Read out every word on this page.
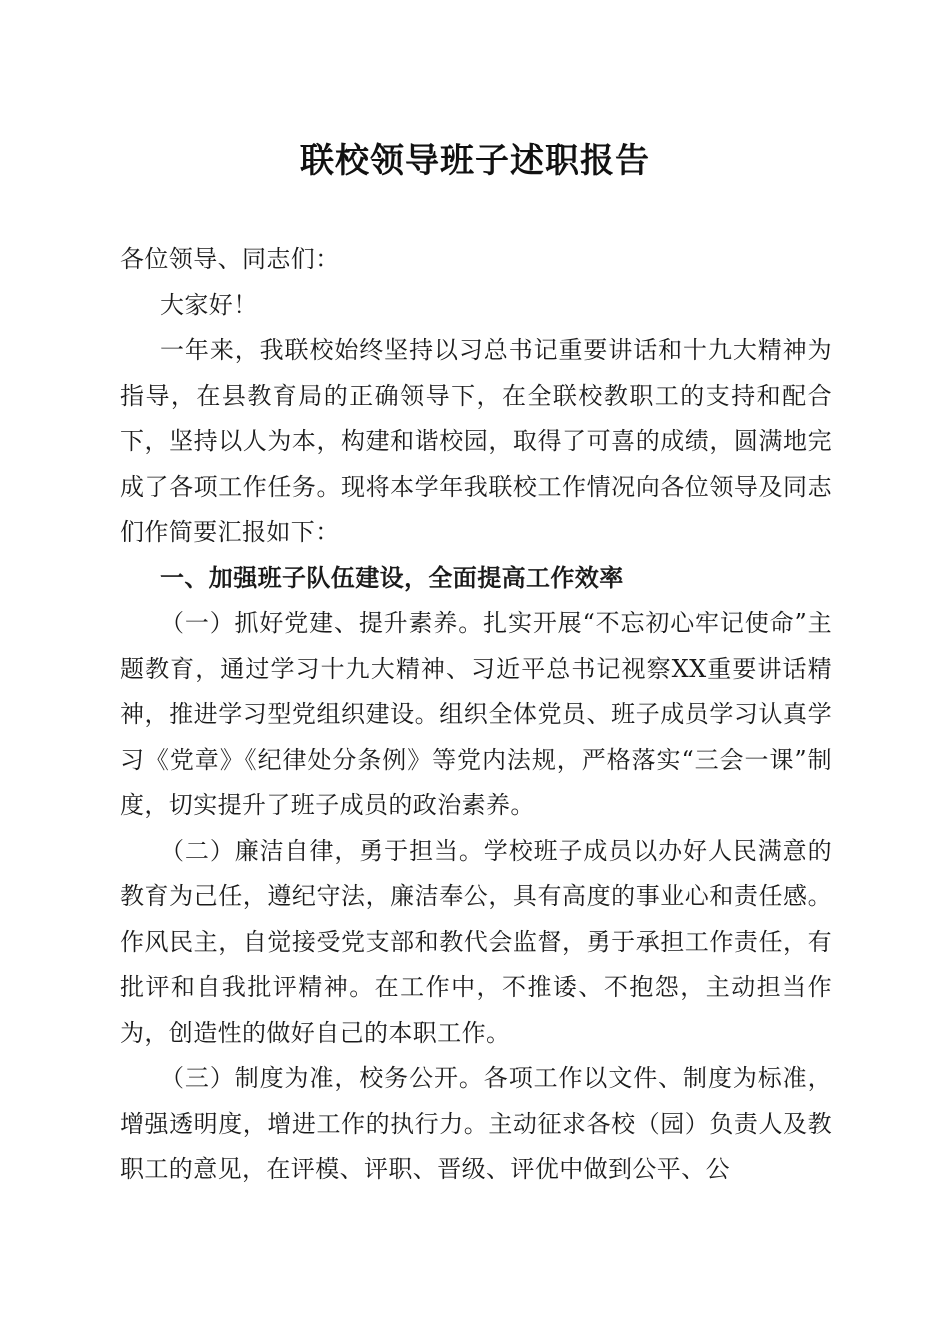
联校领导班子述职报告

各位领导、同志们：

大家好！

一年来，我联校始终坚持以习总书记重要讲话和十九大精神为指导，在县教育局的正确领导下，在全联校教职工的支持和配合下，坚持以人为本，构建和谐校园，取得了可喜的成绩，圆满地完成了各项工作任务。现将本学年我联校工作情况向各位领导及同志们作简要汇报如下：

一、加强班子队伍建设，全面提高工作效率

（一）抓好党建、提升素养。扎实开展“不忘初心牢记使命”主题教育，通过学习十九大精神、习近平总书记视察XX重要讲话精神，推进学习型党组织建设。组织全体党员、班子成员学习认真学习《党章》《纪律处分条例》等党内法规，严格落实“三会一课”制度，切实提升了班子成员的政治素养。

（二）廉洁自律，勇于担当。学校班子成员以办好人民满意的教育为己任，遵纪守法，廉洁奉公，具有高度的事业心和责任感。作风民主，自觉接受党支部和教代会监督，勇于承担工作责任，有批评和自我批评精神。在工作中，不推诿、不抱怨，主动担当作为，创造性的做好自己的本职工作。

（三）制度为准，校务公开。各项工作以文件、制度为标准，增强透明度，增进工作的执行力。主动征求各校（园）负责人及教职工的意见，在评模、评职、晋级、评优中做到公平、公
